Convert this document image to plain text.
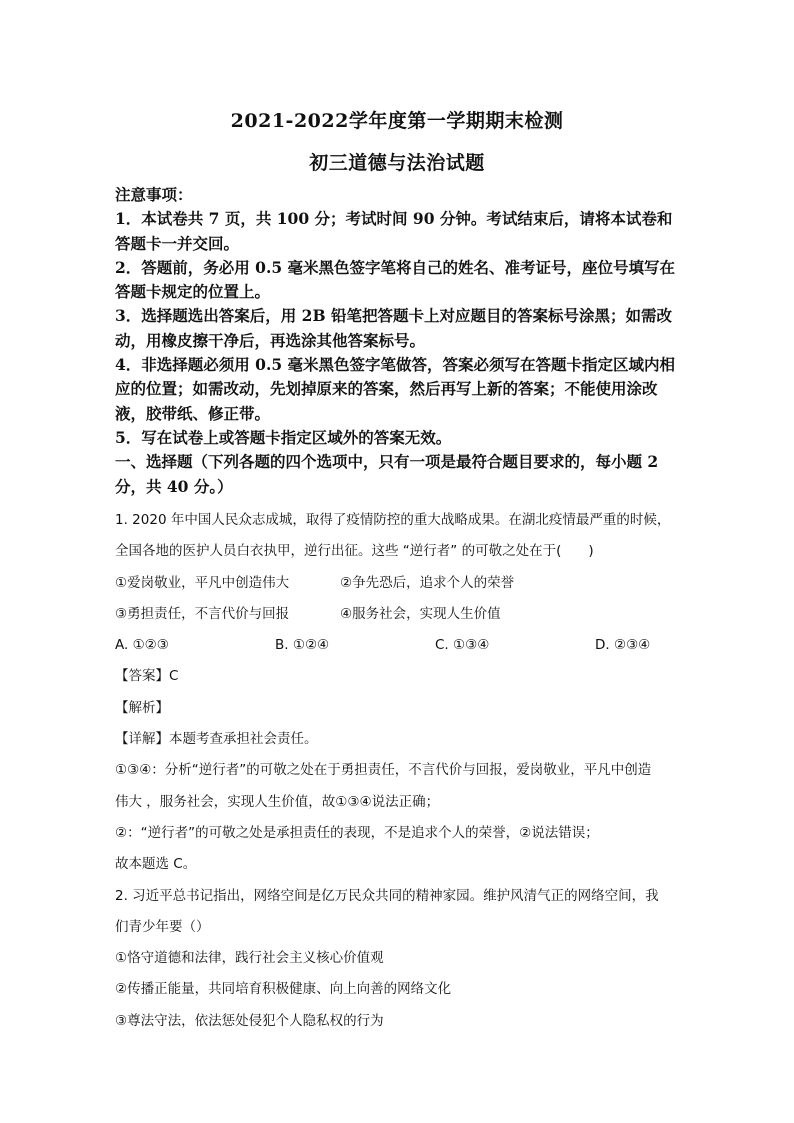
2021-2022学年度第一学期期末检测
初三道德与法治试题

注意事项：

1．本试卷共 7 页，共 100 分；考试时间 90 分钟。考试结束后，请将本试卷和答题卡一并交回。

2．答题前，务必用 0.5 毫米黑色签字笔将自己的姓名、准考证号，座位号填写在答题卡规定的位置上。

3．选择题选出答案后，用 2B 铅笔把答题卡上对应题目的答案标号涂黑；如需改动，用橡皮擦干净后，再选涂其他答案标号。

4．非选择题必须用 0.5 毫米黑色签字笔做答，答案必须写在答题卡指定区域内相应的位置；如需改动，先划掉原来的答案，然后再写上新的答案；不能使用涂改液，胶带纸、修正带。

5．写在试卷上或答题卡指定区域外的答案无效。

一、选择题（下列各题的四个选项中，只有一项是最符合题目要求的，每小题 2 分，共 40 分。）

1. 2020 年中国人民众志成城，取得了疫情防控的重大战略成果。在湖北疫情最严重的时候，
全国各地的医护人员白衣执甲，逆行出征。这些 “逆行者” 的可敬之处在于(　　)
①爱岗敬业，平凡中创造伟大	②争先恐后，追求个人的荣誉
③勇担责任，不言代价与回报	④服务社会，实现人生价值
A. ①②③	B. ①②④	C. ①③④	D. ②③④
【答案】C
【解析】
【详解】本题考查承担社会责任。
①③④：分析“逆行者”的可敬之处在于勇担责任，不言代价与回报，爱岗敬业，平凡中创造
伟大 ，服务社会，实现人生价值，故①③④说法正确；
②：“逆行者”的可敬之处是承担责任的表现，不是追求个人的荣誉，②说法错误；
故本题选 C。
2. 习近平总书记指出，网络空间是亿万民众共同的精神家园。维护风清气正的网络空间，我
们青少年要（）
①恪守道德和法律，践行社会主义核心价值观
②传播正能量，共同培育积极健康、向上向善的网络文化
③尊法守法，依法惩处侵犯个人隐私权的行为
